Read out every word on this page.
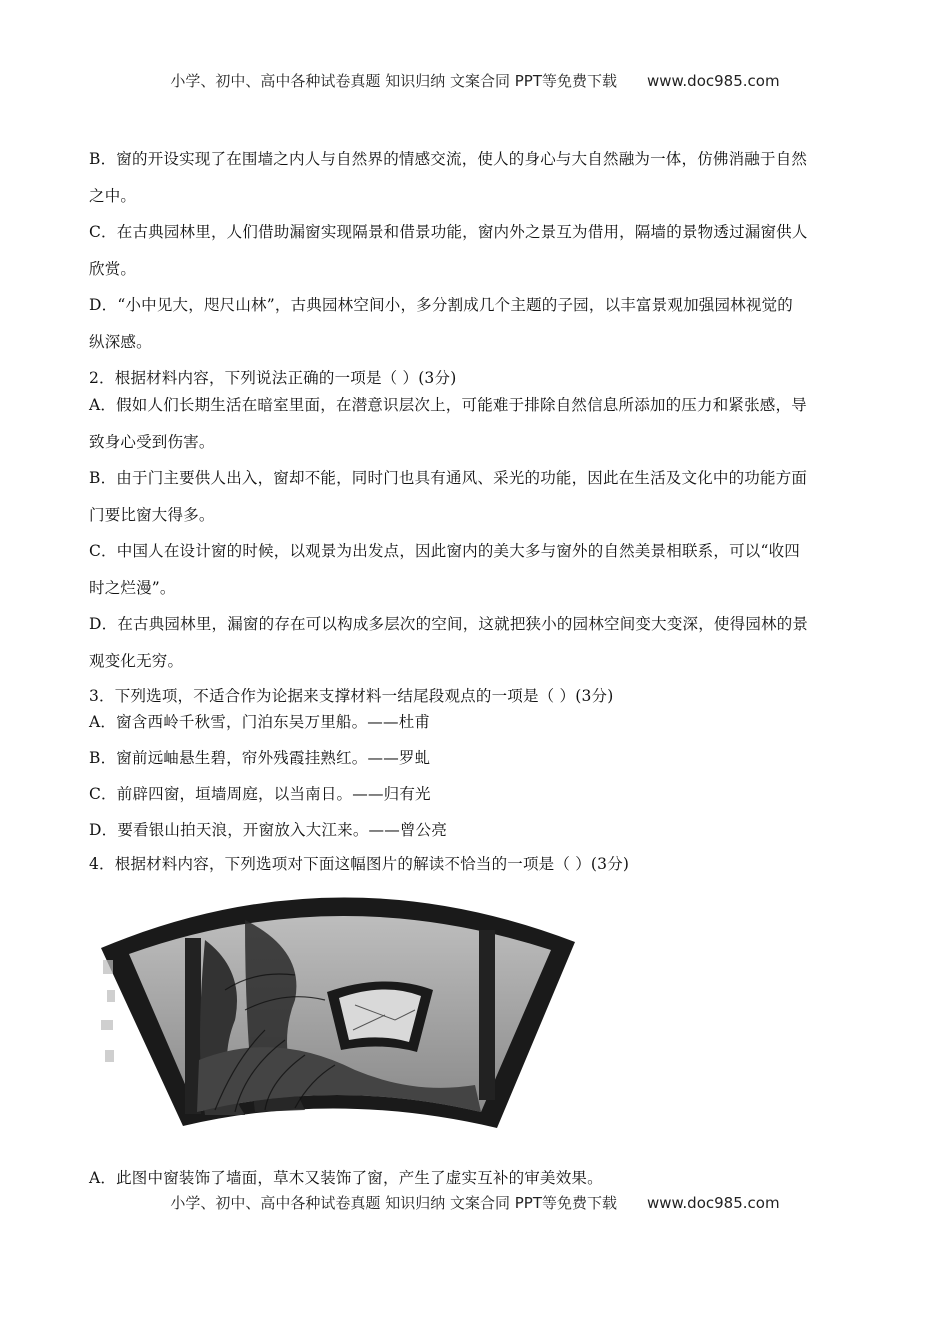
小学、初中、高中各种试卷真题 知识归纳 文案合同 PPT等免费下载 www.doc985.com
B．窗的开设实现了在围墙之内人与自然界的情感交流，使人的身心与大自然融为一体，仿佛消融于自然
之中。
C．在古典园林里，人们借助漏窗实现隔景和借景功能，窗内外之景互为借用，隔墙的景物透过漏窗供人
欣赏。
D．“小中见大，咫尺山林”，古典园林空间小，多分割成几个主题的子园，以丰富景观加强园林视觉的
纵深感。
2．根据材料内容，下列说法正确的一项是（ ）(3分)
A．假如人们长期生活在暗室里面，在潜意识层次上，可能难于排除自然信息所添加的压力和紧张感，导
致身心受到伤害。
B．由于门主要供人出入，窗却不能，同时门也具有通风、采光的功能，因此在生活及文化中的功能方面
门要比窗大得多。
C．中国人在设计窗的时候，以观景为出发点，因此窗内的美大多与窗外的自然美景相联系，可以“收四
时之烂漫”。
D．在古典园林里，漏窗的存在可以构成多层次的空间，这就把狭小的园林空间变大变深，使得园林的景
观变化无穷。
3．下列选项，不适合作为论据来支撑材料一结尾段观点的一项是（ ）(3分)
A．窗含西岭千秋雪，门泊东吴万里船。——杜甫
B．窗前远岫悬生碧，帘外残霞挂熟红。——罗虬
C．前辟四窗，垣墙周庭，以当南日。——归有光
D．要看银山拍天浪，开窗放入大江来。——曾公亮
4．根据材料内容，下列选项对下面这幅图片的解读不恰当的一项是（ ）(3分)
A．此图中窗装饰了墙面，草木又装饰了窗，产生了虚实互补的审美效果。
小学、初中、高中各种试卷真题 知识归纳 文案合同 PPT等免费下载 www.doc985.com
